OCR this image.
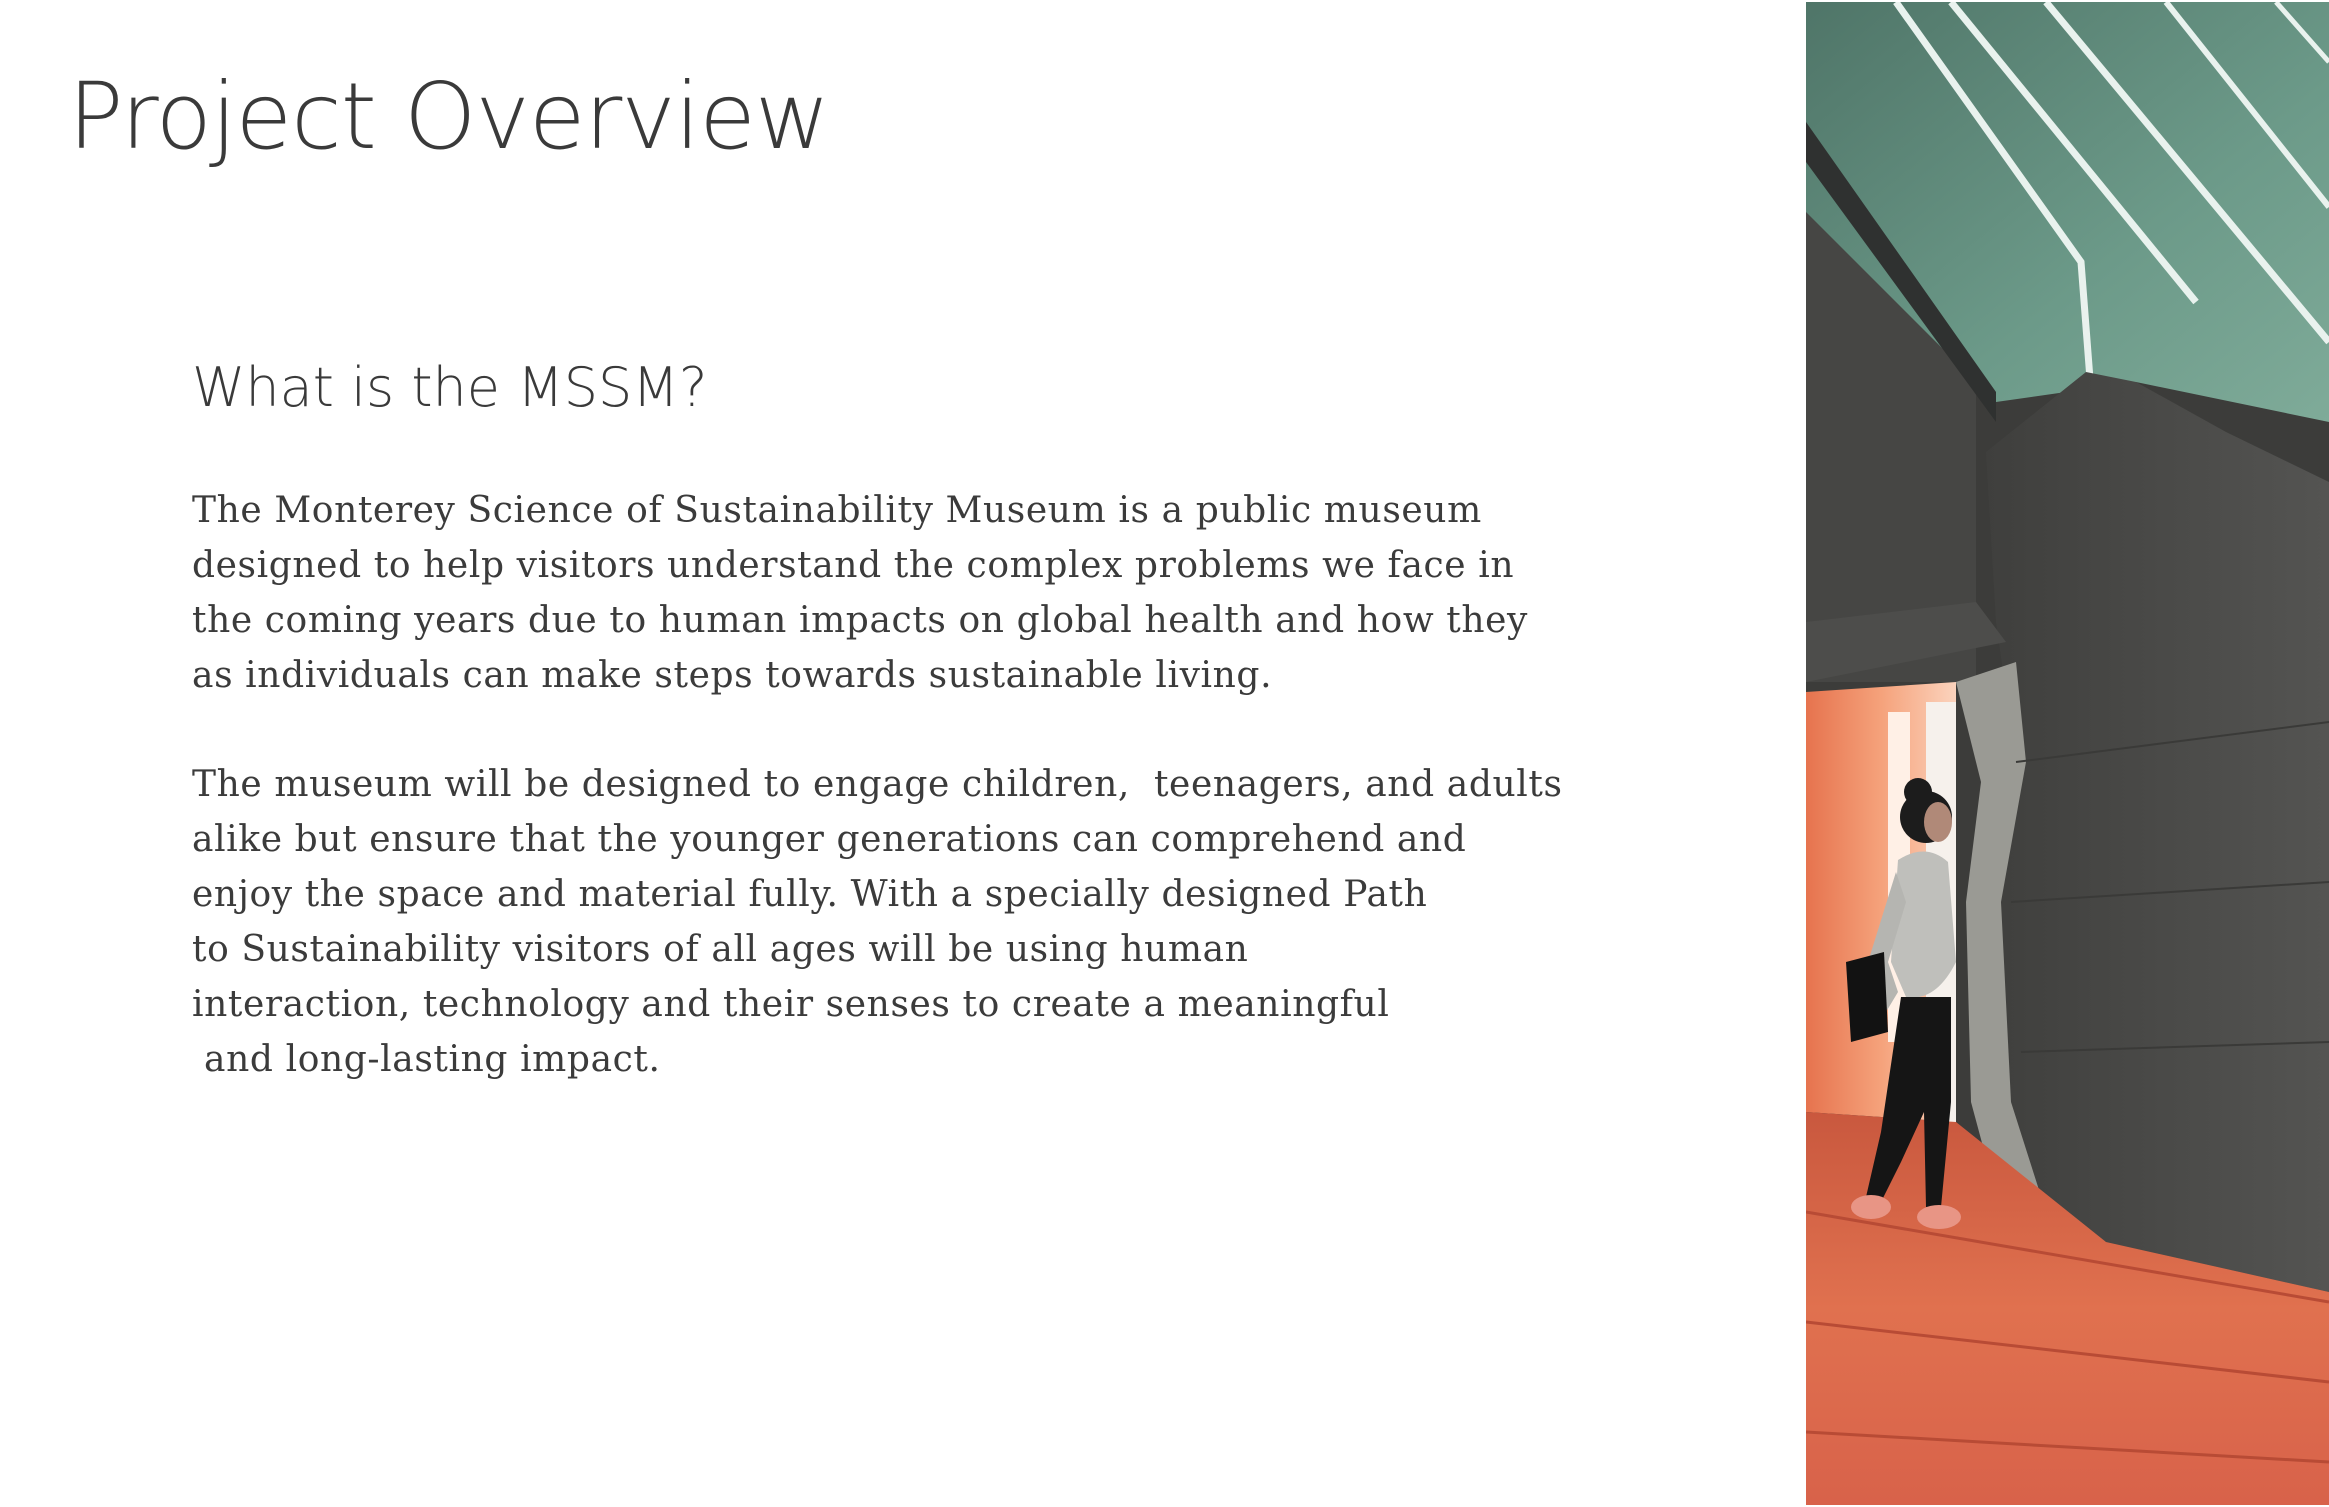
Project Overview
What is the MSSM?
The Monterey Science of Sustainability Museum is a public museum
designed to help visitors understand the complex problems we face in
the coming years due to human impacts on global health and how they
as individuals can make steps towards sustainable living.
The museum will be designed to engage children,  teenagers, and adults
alike but ensure that the younger generations can comprehend and
enjoy the space and material fully. With a specially designed Path
to Sustainability visitors of all ages will be using human
interaction, technology and their senses to create a meaningful
and long-lasting impact.
